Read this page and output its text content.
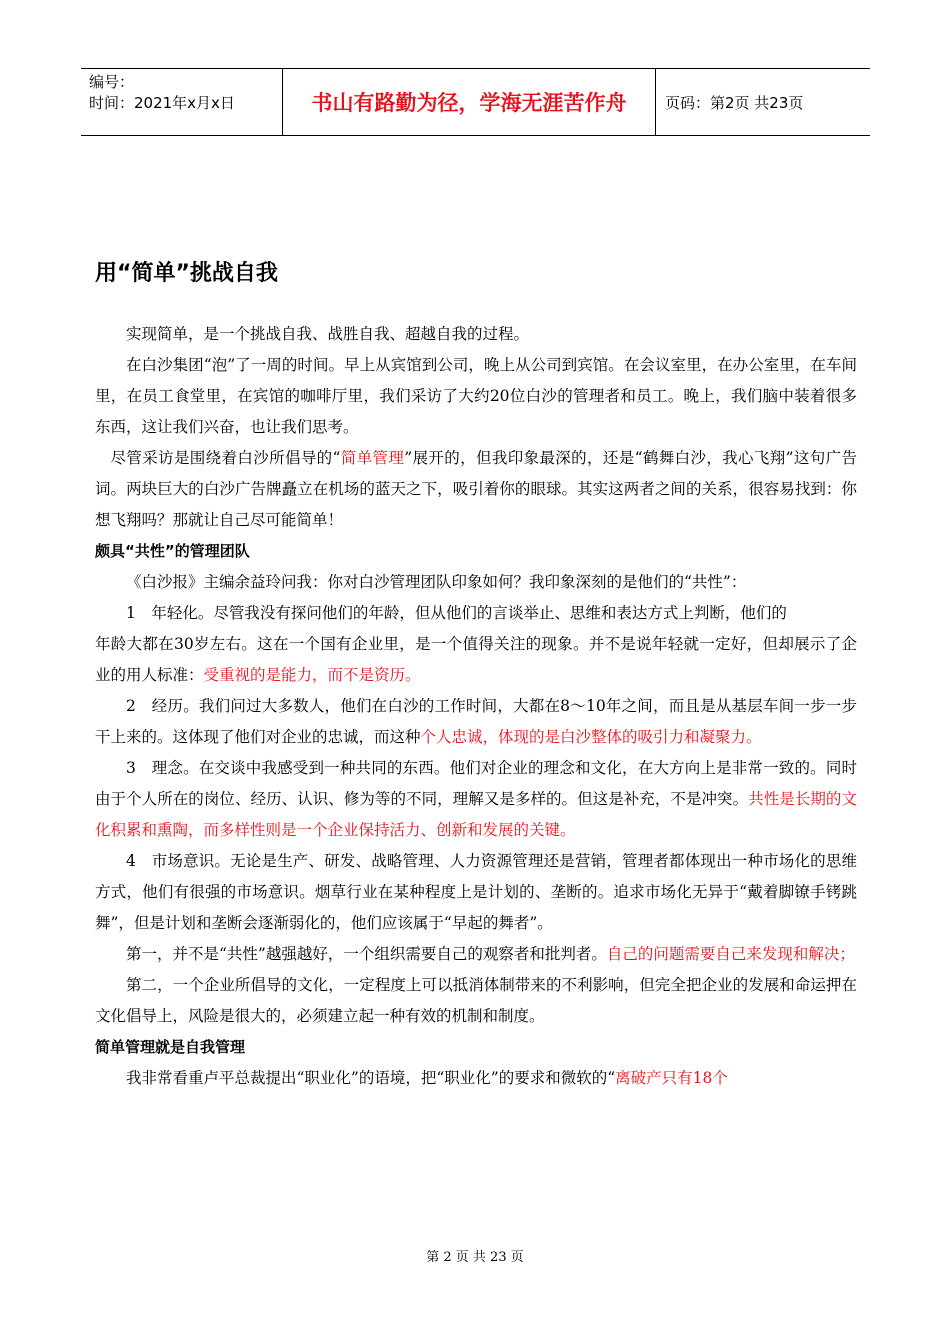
编号：
时间：2021年x月x日	书山有路勤为径，学海无涯苦作舟	页码：第2页 共23页
用“简单”挑战自我

实现简单，是一个挑战自我、战胜自我、超越自我的过程。

在白沙集团“泡”了一周的时间。早上从宾馆到公司，晚上从公司到宾馆。在会议室里，在办公室里，在车间里，在员工食堂里，在宾馆的咖啡厅里，我们采访了大约20位白沙的管理者和员工。晚上，我们脑中装着很多东西，这让我们兴奋，也让我们思考。

尽管采访是围绕着白沙所倡导的“简单管理”展开的，但我印象最深的，还是“鹤舞白沙，我心飞翔”这句广告词。两块巨大的白沙广告牌矗立在机场的蓝天之下，吸引着你的眼球。其实这两者之间的关系，很容易找到：你想飞翔吗？那就让自己尽可能简单！

颇具“共性”的管理团队

《白沙报》主编余益玲问我：你对白沙管理团队印象如何？我印象深刻的是他们的“共性”：

1　年轻化。尽管我没有探问他们的年龄，但从他们的言谈举止、思维和表达方式上判断，他们的

年龄大都在30岁左右。这在一个国有企业里，是一个值得关注的现象。并不是说年轻就一定好，但却展示了企业的用人标准：受重视的是能力，而不是资历。

2　经历。我们问过大多数人，他们在白沙的工作时间，大都在8～10年之间，而且是从基层车间一步一步干上来的。这体现了他们对企业的忠诚，而这种个人忠诚，体现的是白沙整体的吸引力和凝聚力。

3　理念。在交谈中我感受到一种共同的东西。他们对企业的理念和文化，在大方向上是非常一致的。同时由于个人所在的岗位、经历、认识、修为等的不同，理解又是多样的。但这是补充，不是冲突。共性是长期的文化积累和熏陶，而多样性则是一个企业保持活力、创新和发展的关键。

4　市场意识。无论是生产、研发、战略管理、人力资源管理还是营销，管理者都体现出一种市场化的思维方式，他们有很强的市场意识。烟草行业在某种程度上是计划的、垄断的。追求市场化无异于“戴着脚镣手铐跳舞”，但是计划和垄断会逐渐弱化的，他们应该属于“早起的舞者”。

第一，并不是“共性”越强越好，一个组织需要自己的观察者和批判者。自己的问题需要自己来发现和解决；

第二，一个企业所倡导的文化，一定程度上可以抵消体制带来的不利影响，但完全把企业的发展和命运押在文化倡导上，风险是很大的，必须建立起一种有效的机制和制度。

简单管理就是自我管理

我非常看重卢平总裁提出“职业化”的语境，把“职业化”的要求和微软的“离破产只有18个

第 2 页 共 23 页
